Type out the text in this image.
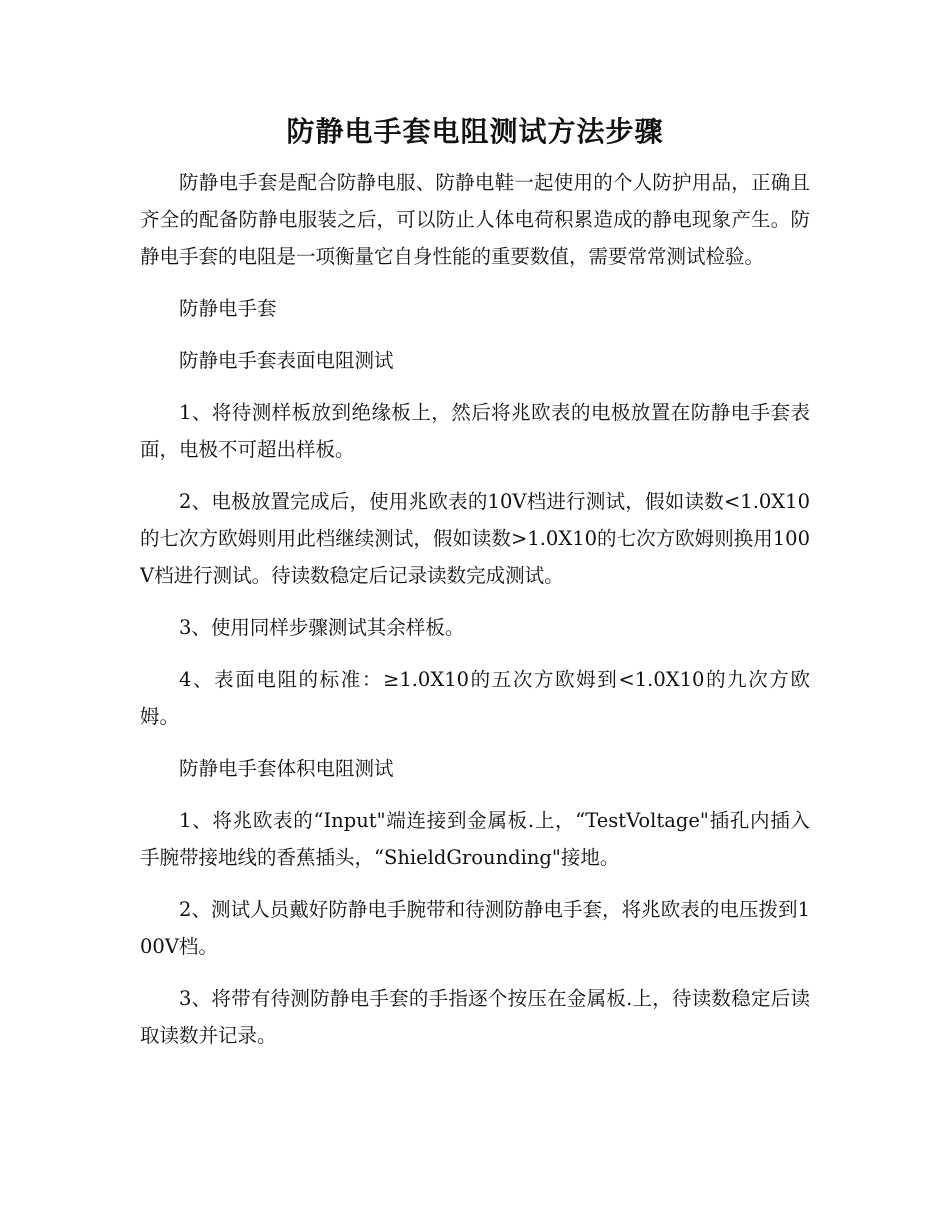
防静电手套电阻测试方法步骤

防静电手套是配合防静电服、防静电鞋一起使用的个人防护用品，正确且齐全的配备防静电服装之后，可以防止人体电荷积累造成的静电现象产生。防静电手套的电阻是一项衡量它自身性能的重要数值，需要常常测试检验。

防静电手套

防静电手套表面电阻测试

1、将待测样板放到绝缘板上，然后将兆欧表的电极放置在防静电手套表面，电极不可超出样板。

2、电极放置完成后，使用兆欧表的10V档进行测试，假如读数<1.0X10的七次方欧姆则用此档继续测试，假如读数>1.0X10的七次方欧姆则换用100V档进行测试。待读数稳定后记录读数完成测试。

3、使用同样步骤测试其余样板。

4、表面电阻的标准：≥1.0X10的五次方欧姆到<1.0X10的九次方欧姆。

防静电手套体积电阻测试

1、将兆欧表的“Input"端连接到金属板.上，“TestVoltage"插孔内插入手腕带接地线的香蕉插头，“ShieldGrounding"接地。

2、测试人员戴好防静电手腕带和待测防静电手套，将兆欧表的电压拨到100V档。

3、将带有待测防静电手套的手指逐个按压在金属板.上，待读数稳定后读取读数并记录。
